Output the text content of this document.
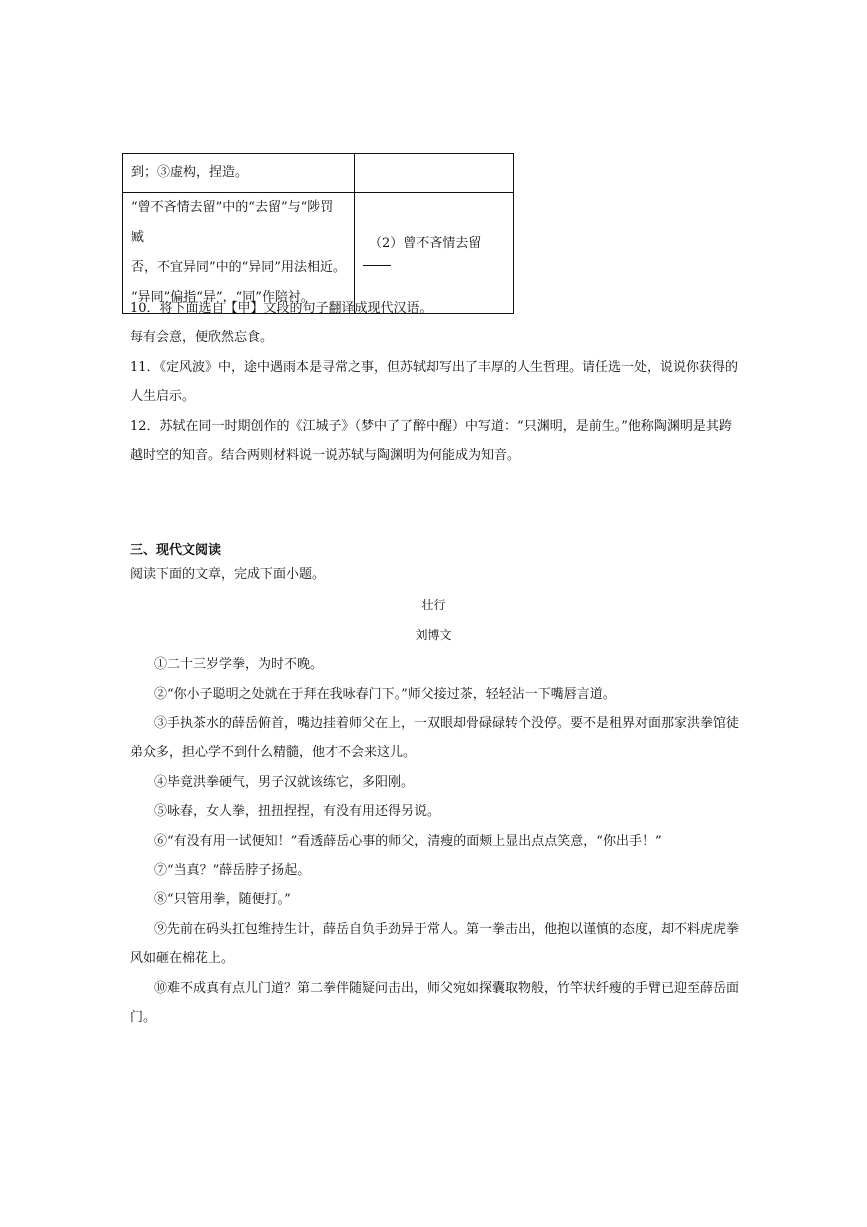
到；③虚构，捏造。	

“曾不吝情去留”中的“去留”与“陟罚臧
否，不宜异同”中的“异同”用法相近。
“异同”偏指“异”，“同”作陪衬。	（2）曾不吝情去留
10．将下面选自【甲】文段的句子翻译成现代汉语。
每有会意，便欣然忘食。
11．《定风波》中，途中遇雨本是寻常之事，但苏轼却写出了丰厚的人生哲理。请任选一处，说说你获得的
人生启示。
12．苏轼在同一时期创作的《江城子》（梦中了了醉中醒）中写道：“只渊明，是前生。”他称陶渊明是其跨
越时空的知音。结合两则材料说一说苏轼与陶渊明为何能成为知音。
三、现代文阅读
阅读下面的文章，完成下面小题。
壮行
刘博文
①二十三岁学拳，为时不晚。
②“你小子聪明之处就在于拜在我咏春门下。”师父接过茶，轻轻沾一下嘴唇言道。
③手执茶水的薛岳俯首，嘴边挂着师父在上，一双眼却骨碌碌转个没停。要不是租界对面那家洪拳馆徒弟众多，担心学不到什么精髓，他才不会来这儿。
④毕竟洪拳硬气，男子汉就该练它，多阳刚。
⑤咏春，女人拳，扭扭捏捏，有没有用还得另说。
⑥“有没有用一试便知！”看透薛岳心事的师父，清瘦的面颊上显出点点笑意，“你出手！”
⑦“当真？”薛岳脖子扬起。
⑧“只管用拳，随便打。”
⑨先前在码头扛包维持生计，薛岳自负手劲异于常人。第一拳击出，他抱以谨慎的态度，却不料虎虎拳风如砸在棉花上。
⑩难不成真有点儿门道？第二拳伴随疑问击出，师父宛如探囊取物般，竹竿状纤瘦的手臂已迎至薛岳面门。
